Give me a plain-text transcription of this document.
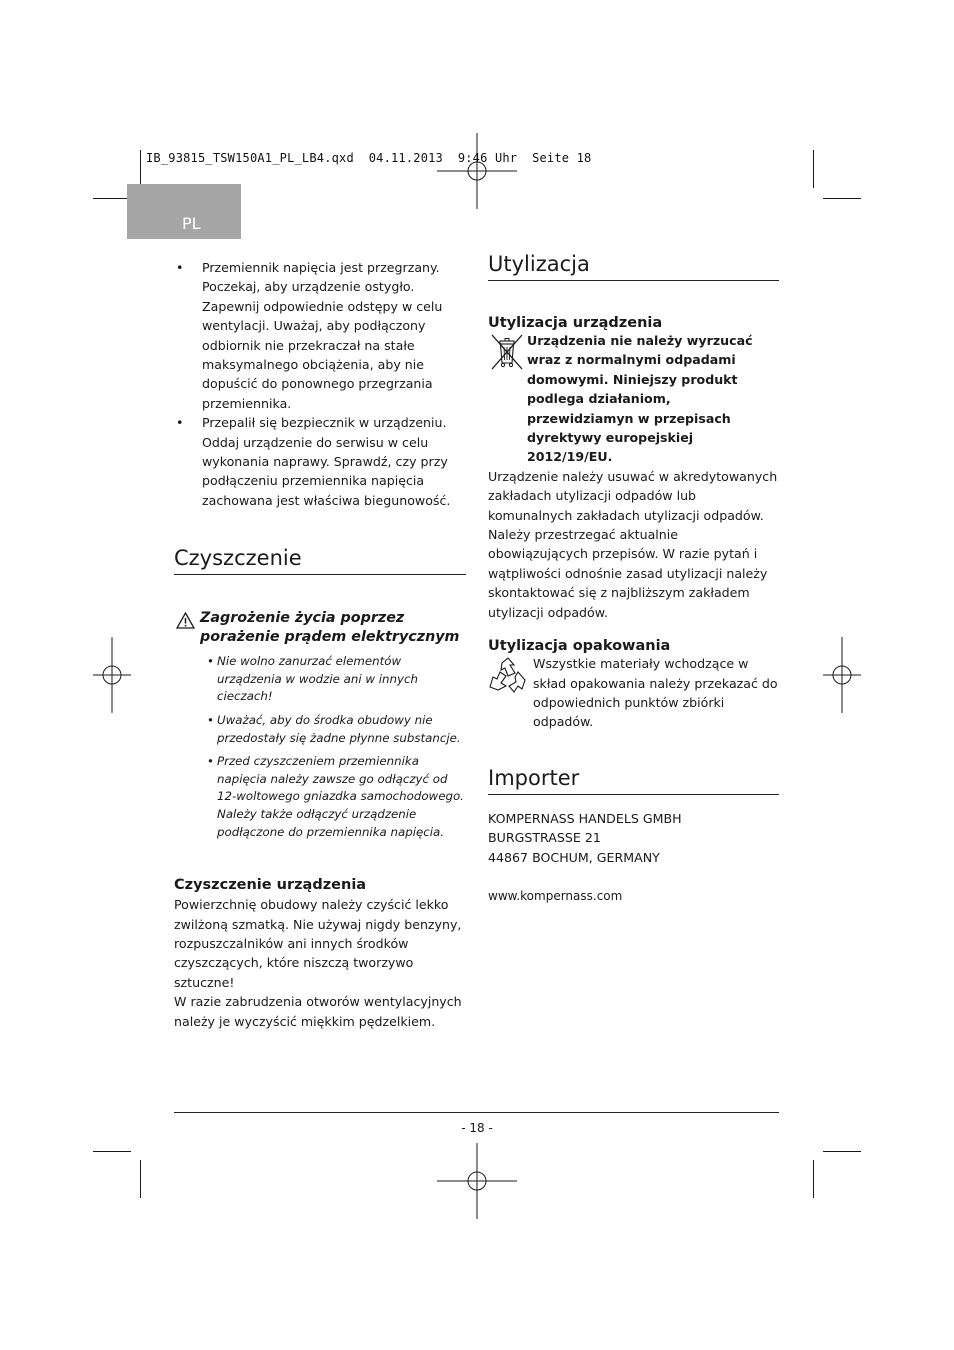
IB_93815_TSW150A1_PL_LB4.qxd  04.11.2013  9:46 Uhr  Seite 18
PL
• Przemiennik napięcia jest przegrzany. Poczekaj, aby urządzenie ostygło. Zapewnij odpowiednie odstępy w celu wentylacji. Uważaj, aby podłączony odbiornik nie przekraczał na stałe maksymalnego obciążenia, aby nie dopuścić do ponownego przegrzania przemiennika.
• Przepalił się bezpiecznik w urządzeniu. Oddaj urządzenie do serwisu w celu wykonania naprawy. Sprawdź, czy przy podłączeniu przemiennika napięcia zachowana jest właściwa biegunowość.
Czyszczenie
Zagrożenie życia poprzez porażenie prądem elektrycznym
• Nie wolno zanurzać elementów urządzenia w wodzie ani w innych cieczach!
• Uważać, aby do środka obudowy nie przedostały się żadne płynne substancje.
• Przed czyszczeniem przemiennika napięcia należy zawsze go odłączyć od 12-woltowego gniazdka samochodowego. Należy także odłączyć urządzenie podłączone do przemiennika napięcia.
Czyszczenie urządzenia
Powierzchnię obudowy należy czyścić lekko zwilżoną szmatką. Nie używaj nigdy benzyny, rozpuszczalników ani innych środków czyszczących, które niszczą tworzywo sztuczne!
W razie zabrudzenia otworów wentylacyjnych należy je wyczyścić miękkim pędzelkiem.
Utylizacja
Utylizacja urządzenia
Urządzenia nie należy wyrzucać wraz z normalnymi odpadami domowymi. Niniejszy produkt podlega działaniom, przewidziamyn w przepisach dyrektywy europejskiej 2012/19/EU.
Urządzenie należy usuwać w akredytowanych zakładach utylizacji odpadów lub komunalnych zakładach utylizacji odpadów.
Należy przestrzegać aktualnie obowiązujących przepisów. W razie pytań i wątpliwości odnośnie zasad utylizacji należy skontaktować się z najbliższym zakładem utylizacji odpadów.
Utylizacja opakowania
Wszystkie materiały wchodzące w skład opakowania należy przekazać do odpowiednich punktów zbiórki odpadów.
Importer
KOMPERNASS HANDELS GMBH
BURGSTRASSE 21
44867 BOCHUM, GERMANY
www.kompernass.com
- 18 -
